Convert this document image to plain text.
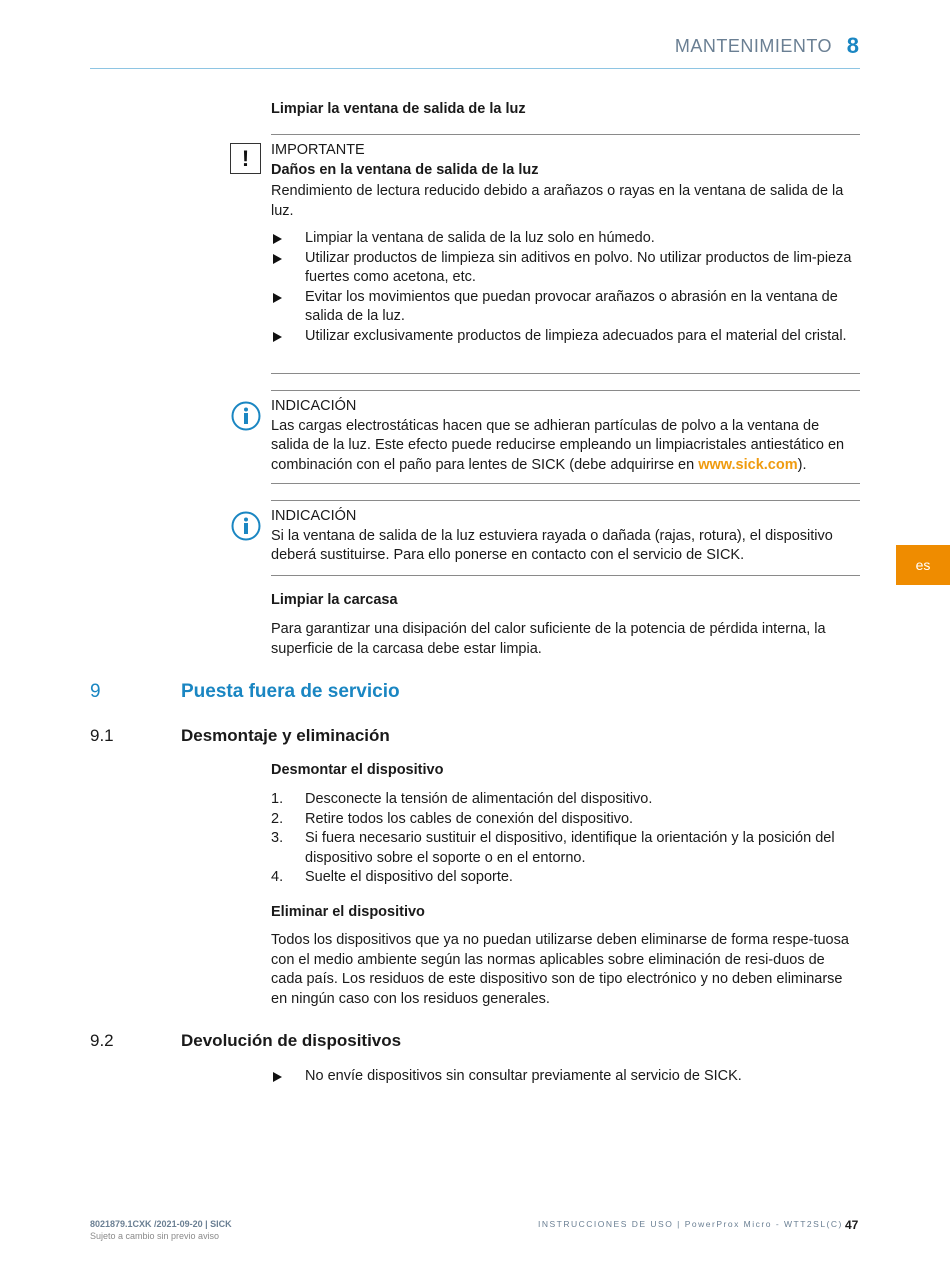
MANTENIMIENTO 8
Limpiar la ventana de salida de la luz
!	IMPORTANTE
Daños en la ventana de salida de la luz

Rendimiento de lectura reducido debido a arañazos o rayas en la ventana de salida de la luz.

Limpiar la ventana de salida de la luz solo en húmedo.
Utilizar productos de limpieza sin aditivos en polvo. No utilizar productos de lim-pieza fuertes como acetona, etc.
Evitar los movimientos que puedan provocar arañazos o abrasión en la ventana de salida de la luz.
Utilizar exclusivamente productos de limpieza adecuados para el material del cristal.
INDICACIÓN

Las cargas electrostáticas hacen que se adhieran partículas de polvo a la ventana de salida de la luz. Este efecto puede reducirse empleando un limpiacristales antiestático en combinación con el paño para lentes de SICK (debe adquirirse en www.sick.com).

INDICACIÓN

Si la ventana de salida de la luz estuviera rayada o dañada (rajas, rotura), el dispositivo deberá sustituirse. Para ello ponerse en contacto con el servicio de SICK.

Limpiar la carcasa

Para garantizar una disipación del calor suficiente de la potencia de pérdida interna, la superficie de la carcasa debe estar limpia.

9	Puesta fuera de servicio
9.1	Desmontaje y eliminación
Desmontar el dispositivo
1. Desconecte la tensión de alimentación del dispositivo.
2. Retire todos los cables de conexión del dispositivo.
3. Si fuera necesario sustituir el dispositivo, identifique la orientación y la posición del dispositivo sobre el soporte o en el entorno.
4. Suelte el dispositivo del soporte.
Eliminar el dispositivo

Todos los dispositivos que ya no puedan utilizarse deben eliminarse de forma respe-tuosa con el medio ambiente según las normas aplicables sobre eliminación de resi-duos de cada país. Los residuos de este dispositivo son de tipo electrónico y no deben eliminarse en ningún caso con los residuos generales.

9.2	Devolución de dispositivos
No envíe dispositivos sin consultar previamente al servicio de SICK.
es
8021879.1CXK /2021-09-20 | SICK
Sujeto a cambio sin previo aviso
INSTRUCCIONES DE USO | PowerProx Micro - WTT2SL(C) 47
